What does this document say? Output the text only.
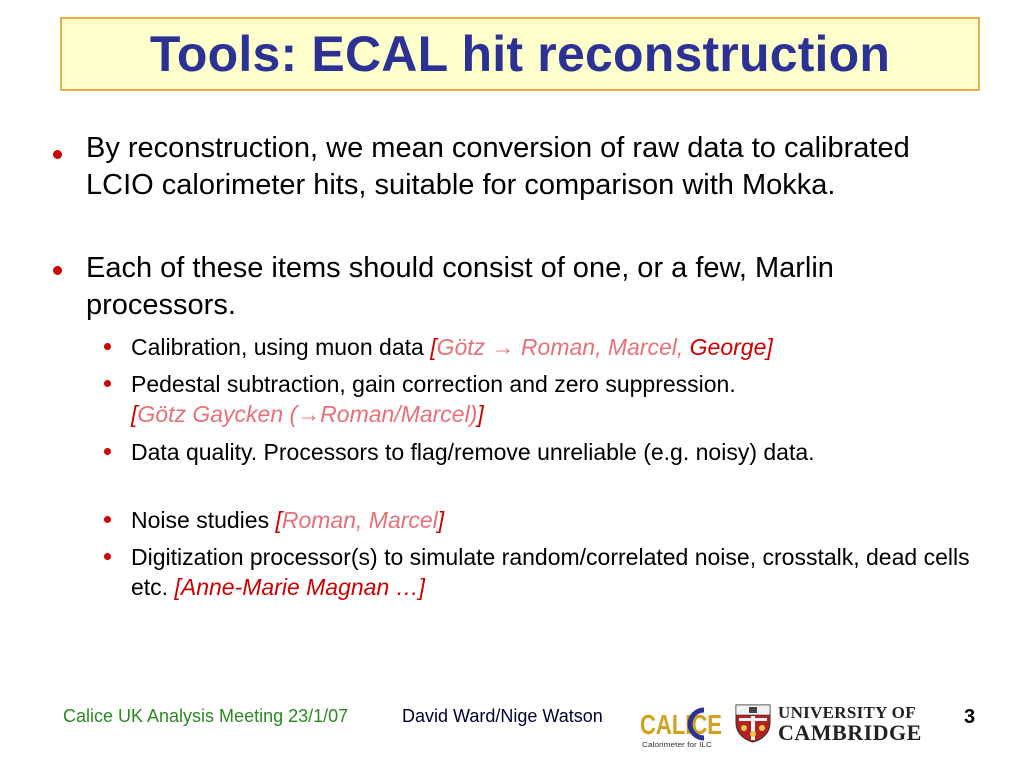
Tools: ECAL hit reconstruction
By reconstruction, we mean conversion of raw data to calibrated LCIO calorimeter hits, suitable for comparison with Mokka.
Each of these items should consist of one, or a few, Marlin processors.
Calibration, using muon data [Götz → Roman, Marcel, George]
Pedestal subtraction, gain correction and zero suppression.
[Götz Gaycken (→Roman/Marcel)]
Data quality. Processors to flag/remove unreliable (e.g. noisy) data.
Noise studies [Roman, Marcel]
Digitization processor(s) to simulate random/correlated noise, crosstalk, dead cells etc. [Anne-Marie Magnan …]
Calice UK Analysis Meeting 23/1/07	David Ward/Nige Watson CALICE
Calorimeter for ILC
UNIVERSITY OF
CAMBRIDGE
3
